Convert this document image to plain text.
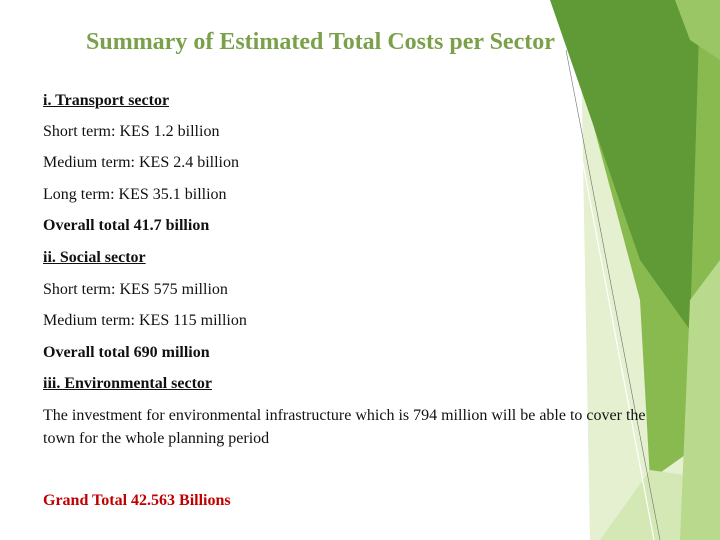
Summary of Estimated Total Costs per Sector
i. Transport sector
Short term: KES 1.2 billion
Medium term: KES 2.4 billion
Long term: KES 35.1 billion
Overall total 41.7 billion
ii. Social sector
Short term: KES 575 million
Medium term: KES 115 million
Overall total 690 million
iii. Environmental sector
The investment for environmental infrastructure which is 794 million will be able to cover the town for the whole planning period
Grand Total 42.563 Billions
